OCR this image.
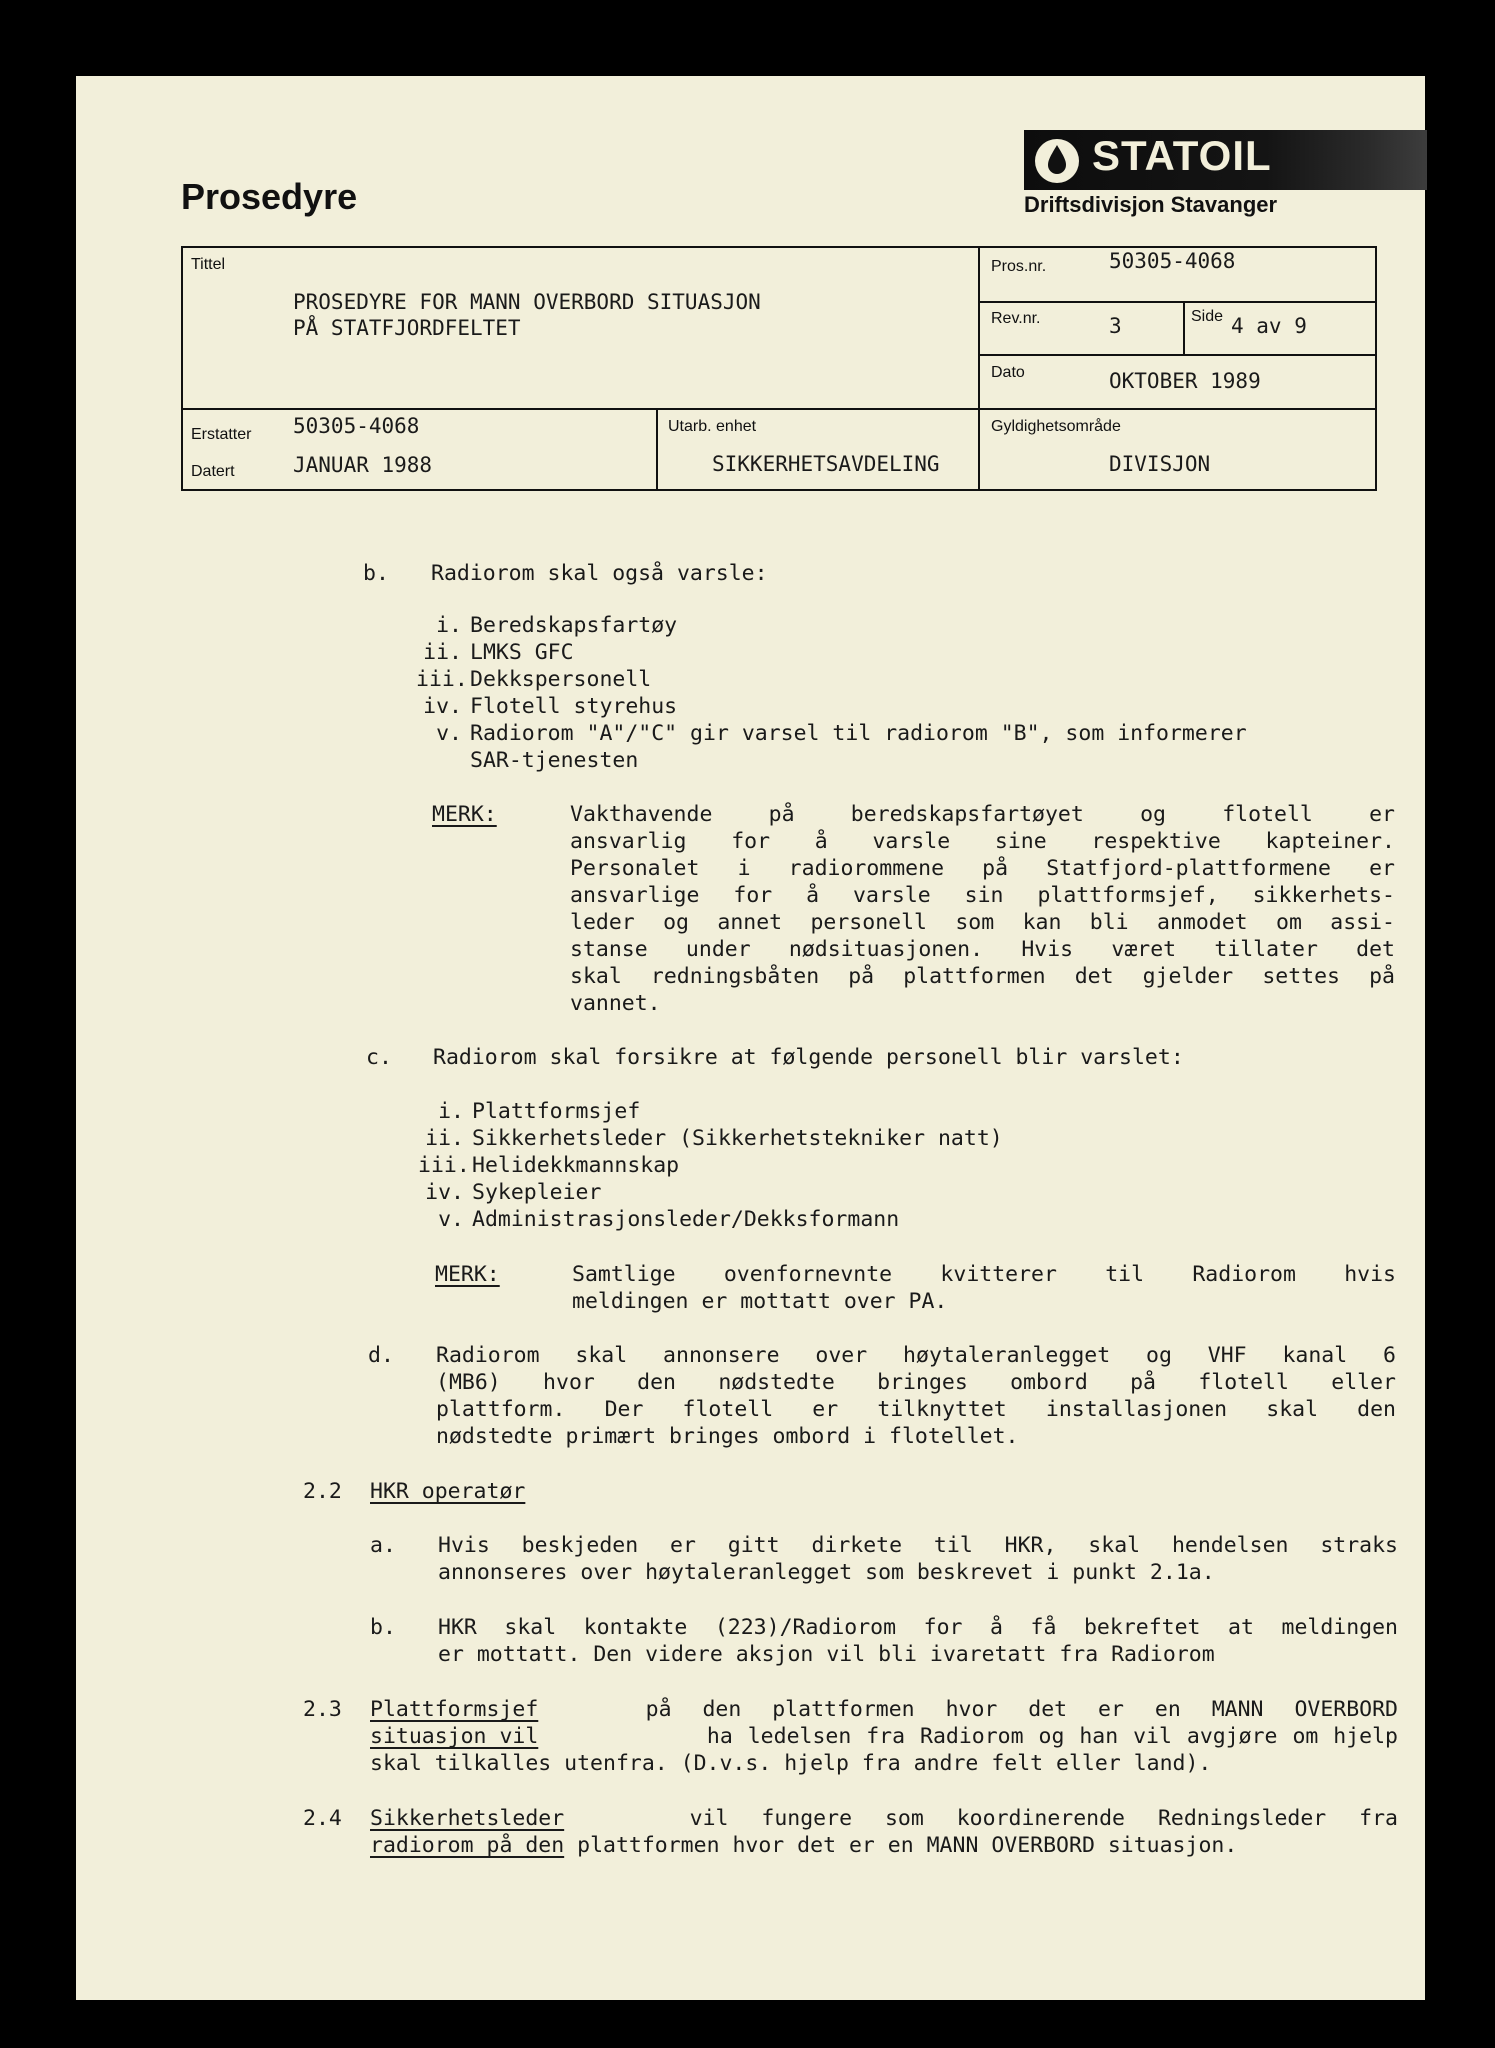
Prosedyre
STATOIL
Driftsdivisjon Stavanger
Tittel
PROSEDYRE FOR MANN OVERBORD SITUASJON
PÅ STATFJORDFELTET
Pros.nr.	50305-4068
Rev.nr.	3	Side 4 av 9
Dato	OKTOBER 1989
Erstatter 50305-4068
Datert	JANUAR 1988
Utarb. enhet
SIKKERHETSAVDELING
Gyldighetsområde
DIVISJON
b. Radiorom skal også varsle:
i. Beredskapsfartøy
ii. LMKS GFC
iii. Dekkspersonell
iv. Flotell styrehus
v. Radiorom "A"/"C" gir varsel til radiorom "B", som informerer
SAR-tjenesten
MERK:	Vakthavende på beredskapsfartøyet og flotell er
ansvarlig for å varsle sine respektive kapteiner.
Personalet i radiorommene på Statfjord-plattformene er
ansvarlige for å varsle sin plattformsjef, sikkerhets-
leder og annet personell som kan bli anmodet om assi-
stanse under nødsituasjonen. Hvis været tillater det
skal redningsbåten på plattformen det gjelder settes på
vannet.
c. Radiorom skal forsikre at følgende personell blir varslet:
i. Plattformsjef
ii. Sikkerhetsleder (Sikkerhetstekniker natt)
iii. Helidekkmannskap
iv. Sykepleier
v. Administrasjonsleder/Dekksformann
MERK:	Samtlige ovenfornevnte kvitterer til Radiorom hvis
meldingen er mottatt over PA.
d. Radiorom skal annonsere over høytaleranlegget og VHF kanal 6
(MB6) hvor den nødstedte bringes ombord på flotell eller
plattform. Der flotell er tilknyttet installasjonen skal den
nødstedte primært bringes ombord i flotellet.
2.2 HKR operatør
a. Hvis beskjeden er gitt dirkete til HKR, skal hendelsen straks
annonseres over høytaleranlegget som beskrevet i punkt 2.1a.
b. HKR skal kontakte (223)/Radiorom for å få bekreftet at meldingen
er mottatt. Den videre aksjon vil bli ivaretatt fra Radiorom
2.3 Plattformsjef	på den plattformen hvor det er en MANN OVERBORD
situasjon vil	ha ledelsen fra Radiorom og han vil avgjøre om hjelp
skal tilkalles utenfra. (D.v.s. hjelp fra andre felt eller land).
2.4 Sikkerhetsleder	vil fungere som koordinerende Redningsleder fra
radiorom på den plattformen hvor det er en MANN OVERBORD situasjon.
